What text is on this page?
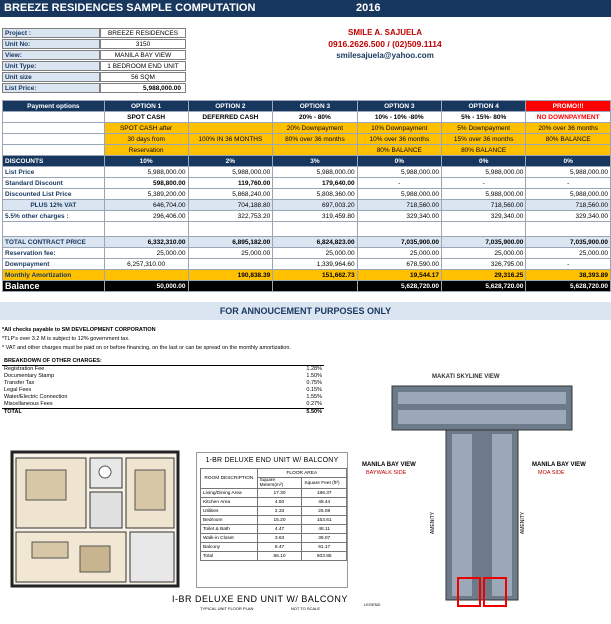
BREEZE RESIDENCES SAMPLE COMPUTATION	2016
Project :	BREEZE RESIDENCES
Unit No:	3150
View:	MANILA BAY VIEW
Unit Type:	1 BEDROOM END UNIT
Unit size	56 SQM
List Price:	5,988,000.00
SMILE A. SAJUELA
0916.2626.500 / (02)509.1114
smilesajuela@yahoo.com
Payment options	OPTION 1	OPTION 2	OPTION 3	OPTION 3	OPTION 4	PROMO!!!
	SPOT CASH	DEFERRED CASH	20% - 80%	10% - 10% -80%	5% - 15%- 80%	NO DOWNPAYMENT
	SPOT CASH after		20% Downpayment	10% Downpayment	5% Downpayment	20% over 36 months
	30 days from	100% IN 36 MONTHS	80% over 36 months	10% over 36 months	15% over 36 months	80% BALANCE
	Reservation			80% BALANCE	80% BALANCE	
DISCOUNTS	10%	2%	3%	0%	0%	0%
List Price	5,988,000.00	5,988,000.00	5,988,000.00	5,988,000.00	5,988,000.00	5,988,000.00
Standard Discount	598,800.00	119,760.00	179,640.00	-	-	-
Discounted List Price	5,389,200.00	5,868,240.00	5,808,360.00	5,988,000.00	5,988,000.00	5,988,000.00
PLUS 12% VAT	646,704.00	704,188.80	697,003.20	718,560.00	718,560.00	718,560.00
5.5% other charges :	296,406.00	322,753.20	319,459.80	329,340.00	329,340.00	329,340.00

TOTAL CONTRACT PRICE	6,332,310.00	6,895,182.00	6,824,823.00	7,035,900.00	7,035,900.00	7,035,900.00
Reservation fee:	25,000.00	25,000.00	25,000.00	25,000.00	25,000.00	25,000.00
Downpayment	6,257,310.00		1,339,964.60	678,590.00	326,795.00	-
Monthly Amortization		190,838.39	151,662.73	19,544.17	29,316.25	38,393.89
Balance	50,000.00			5,628,720.00	5,628,720.00	5,628,720.00
FOR ANNOUCEMENT PURPOSES ONLY
*All checks payable to SM DEVELOPMENT CORPORATION
*TLP's over 3.2 M is subject to 12% government tax.
* VAT and other charges must be paid on or before financing, on the last or can be spread on the monthly amortization.
BREAKDOWN OF OTHER CHARGES:	
Registration Fee	1.28%
Documentary Stamp	1.50%
Transfer Tax	0.75%
Legal Fees	0.15%
Water/Electric Connection	1.55%
Miscellaneous Fees	0.27%
TOTAL	5.50%
1-BR DELUXE END UNIT W/ BALCONY
ROOM DESCRIPTION	FLOOR AREA	
	Square Meters(m²)	Square Feet (ft²)
Living/Dining Area	17.30	186.37
Kitchen Area	4.50	48.44
Utilities	2.33	25.08
Bedroom	15.20	163.61
Toilet & Bath	4.47	48.11
Walk-in Closet	3.63	39.07
Balcony	8.47	91.17
Total	56.10	603.85
I-BR DELUXE END UNIT W/ BALCONY
TYPICAL UNIT FLOOR PLAN	NOT TO SCALE
MAKATI SKYLINE VIEW
MANILA BAY VIEW
BAYWALK SIDE
MANILA BAY VIEW
MOA SIDE
AMENITY	AMENITY
LEGEND
